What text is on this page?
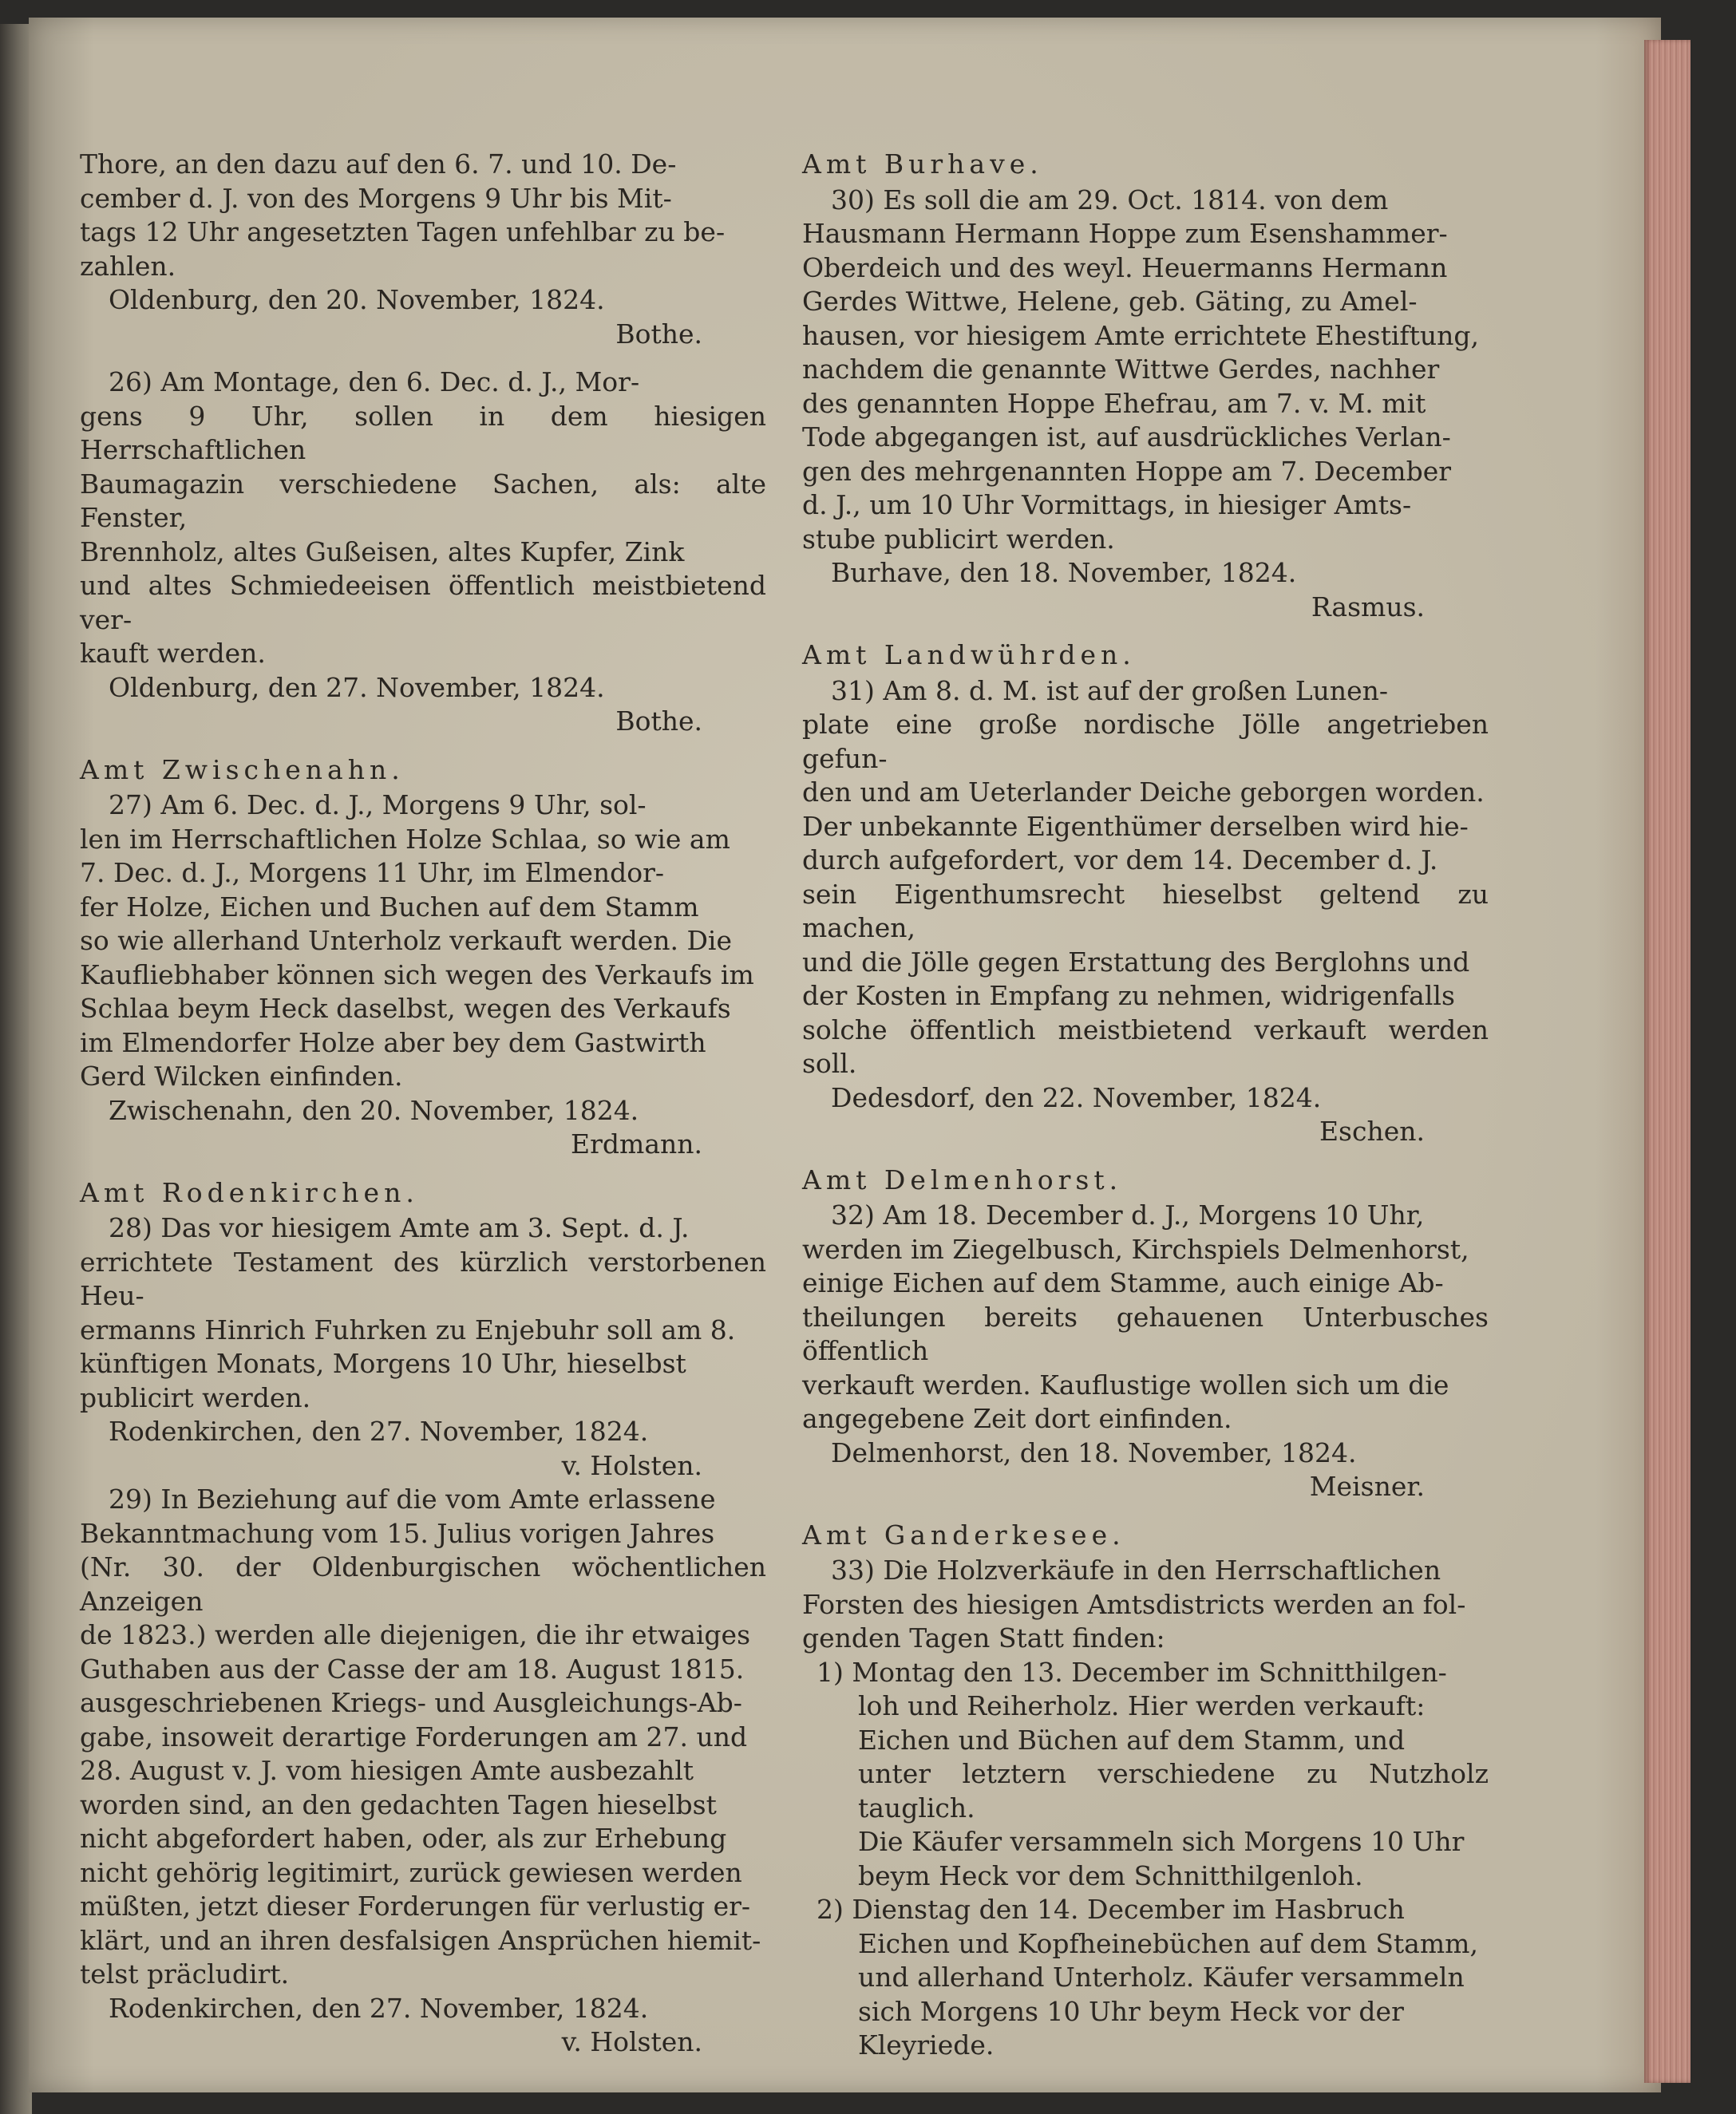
Thore, an den dazu auf den 6. 7. und 10. De-

cember d. J. von des Morgens 9 Uhr bis Mit-

tags 12 Uhr angesetzten Tagen unfehlbar zu be-

zahlen.

Oldenburg, den 20. November, 1824.

Bothe.

26) Am Montage, den 6. Dec. d. J., Mor-

gens 9 Uhr, sollen in dem hiesigen Herrschaftlichen

Baumagazin verschiedene Sachen, als: alte Fenster,

Brennholz, altes Gußeisen, altes Kupfer, Zink

und altes Schmiedeeisen öffentlich meistbietend ver-

kauft werden.

Oldenburg, den 27. November, 1824.

Bothe.

Amt Zwischenahn.

27) Am 6. Dec. d. J., Morgens 9 Uhr, sol-

len im Herrschaftlichen Holze Schlaa, so wie am

7. Dec. d. J., Morgens 11 Uhr, im Elmendor-

fer Holze, Eichen und Buchen auf dem Stamm

so wie allerhand Unterholz verkauft werden. Die

Kaufliebhaber können sich wegen des Verkaufs im

Schlaa beym Heck daselbst, wegen des Verkaufs

im Elmendorfer Holze aber bey dem Gastwirth

Gerd Wilcken einfinden.

Zwischenahn, den 20. November, 1824.

Erdmann.

Amt Rodenkirchen.

28) Das vor hiesigem Amte am 3. Sept. d. J.

errichtete Testament des kürzlich verstorbenen Heu-

ermanns Hinrich Fuhrken zu Enjebuhr soll am 8.

künftigen Monats, Morgens 10 Uhr, hieselbst

publicirt werden.

Rodenkirchen, den 27. November, 1824.

v. Holsten.

29) In Beziehung auf die vom Amte erlassene

Bekanntmachung vom 15. Julius vorigen Jahres

(Nr. 30. der Oldenburgischen wöchentlichen Anzeigen

de 1823.) werden alle diejenigen, die ihr etwaiges

Guthaben aus der Casse der am 18. August 1815.

ausgeschriebenen Kriegs- und Ausgleichungs-Ab-

gabe, insoweit derartige Forderungen am 27. und

28. August v. J. vom hiesigen Amte ausbezahlt

worden sind, an den gedachten Tagen hieselbst

nicht abgefordert haben, oder, als zur Erhebung

nicht gehörig legitimirt, zurück gewiesen werden

müßten, jetzt dieser Forderungen für verlustig er-

klärt, und an ihren desfalsigen Ansprüchen hiemit-

telst präcludirt.

Rodenkirchen, den 27. November, 1824.

v. Holsten.

Amt Burhave.

30) Es soll die am 29. Oct. 1814. von dem

Hausmann Hermann Hoppe zum Esenshammer-

Oberdeich und des weyl. Heuermanns Hermann

Gerdes Wittwe, Helene, geb. Gäting, zu Amel-

hausen, vor hiesigem Amte errichtete Ehestiftung,

nachdem die genannte Wittwe Gerdes, nachher

des genannten Hoppe Ehefrau, am 7. v. M. mit

Tode abgegangen ist, auf ausdrückliches Verlan-

gen des mehrgenannten Hoppe am 7. December

d. J., um 10 Uhr Vormittags, in hiesiger Amts-

stube publicirt werden.

Burhave, den 18. November, 1824.

Rasmus.

Amt Landwührden.

31) Am 8. d. M. ist auf der großen Lunen-

plate eine große nordische Jölle angetrieben gefun-

den und am Ueterlander Deiche geborgen worden.

Der unbekannte Eigenthümer derselben wird hie-

durch aufgefordert, vor dem 14. December d. J.

sein Eigenthumsrecht hieselbst geltend zu machen,

und die Jölle gegen Erstattung des Berglohns und

der Kosten in Empfang zu nehmen, widrigenfalls

solche öffentlich meistbietend verkauft werden soll.

Dedesdorf, den 22. November, 1824.

Eschen.

Amt Delmenhorst.

32) Am 18. December d. J., Morgens 10 Uhr,

werden im Ziegelbusch, Kirchspiels Delmenhorst,

einige Eichen auf dem Stamme, auch einige Ab-

theilungen bereits gehauenen Unterbusches öffentlich

verkauft werden. Kauflustige wollen sich um die

angegebene Zeit dort einfinden.

Delmenhorst, den 18. November, 1824.

Meisner.

Amt Ganderkesee.

33) Die Holzverkäufe in den Herrschaftlichen

Forsten des hiesigen Amtsdistricts werden an fol-

genden Tagen Statt finden:

1) Montag den 13. December im Schnitthilgen-

loh und Reiherholz. Hier werden verkauft:

Eichen und Büchen auf dem Stamm, und

unter letztern verschiedene zu Nutzholz tauglich.

Die Käufer versammeln sich Morgens 10 Uhr

beym Heck vor dem Schnitthilgenloh.

2) Dienstag den 14. December im Hasbruch

Eichen und Kopfheinebüchen auf dem Stamm,

und allerhand Unterholz. Käufer versammeln

sich Morgens 10 Uhr beym Heck vor der

Kleyriede.
